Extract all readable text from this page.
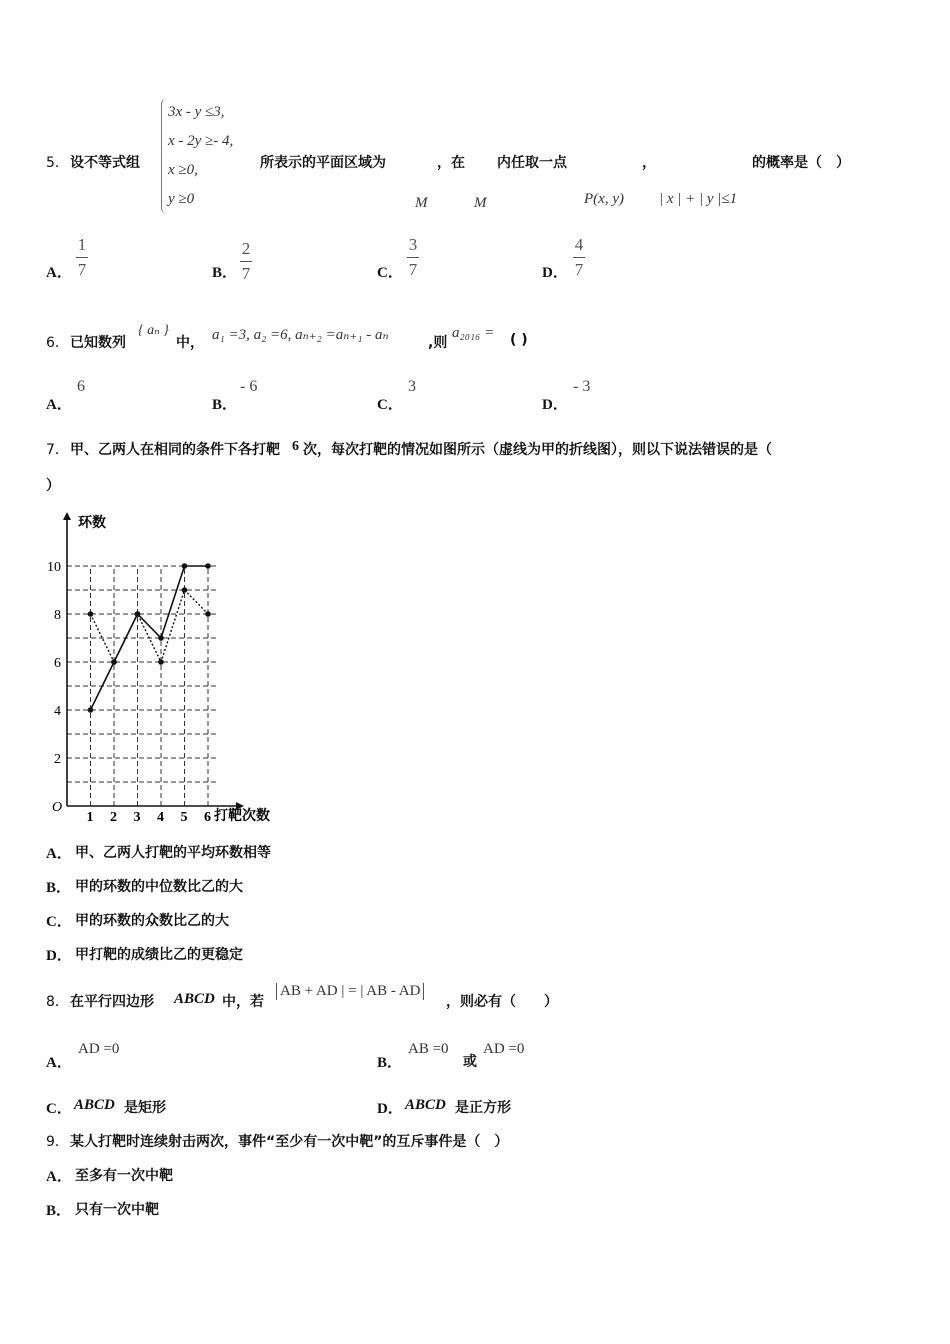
5． 设不等式组
3x - y ≤3,
x - 2y ≥- 4,
x ≥0,
y ≥0
所表示的平面区域为	，在 内任取一点	，	的概率是（　）
M	M	P(x, y) | x | + | y |≤1
A．
1
7	B．
2
7	C．
3
7	D．
4
7
6． 已知数列
{ aₙ }
中， a₁ =3, a₂ =6, aₙ₊₂ =aₙ₊₁ - aₙ	,则
a₂₀₁₆ = ( )
A．
6
B．
- 6
C．
3
D．
- 3
7． 甲、乙两人在相同的条件下各打靶 6 次，每次打靶的情况如图所示（虚线为甲的折线图），则以下说法错误的是（
）
环数
打靶次数
O
1 2 3 4 5 6
2
4
6
8
10
A． 甲、乙两人打靶的平均环数相等
B． 甲的环数的中位数比乙的大
C． 甲的环数的众数比乙的大
D． 甲打靶的成绩比乙的更稳定
8． 在平行四边形 ABCD 中，若
AB + AD | = | AB - AD
，则必有（　　）
A．
AD =0
B．
AB =0
或
AD =0
C． ABCD 是矩形	D． ABCD 是正方形
9． 某人打靶时连续射击两次，事件“至少有一次中靶”的互斥事件是（　）
A． 至多有一次中靶
B． 只有一次中靶
